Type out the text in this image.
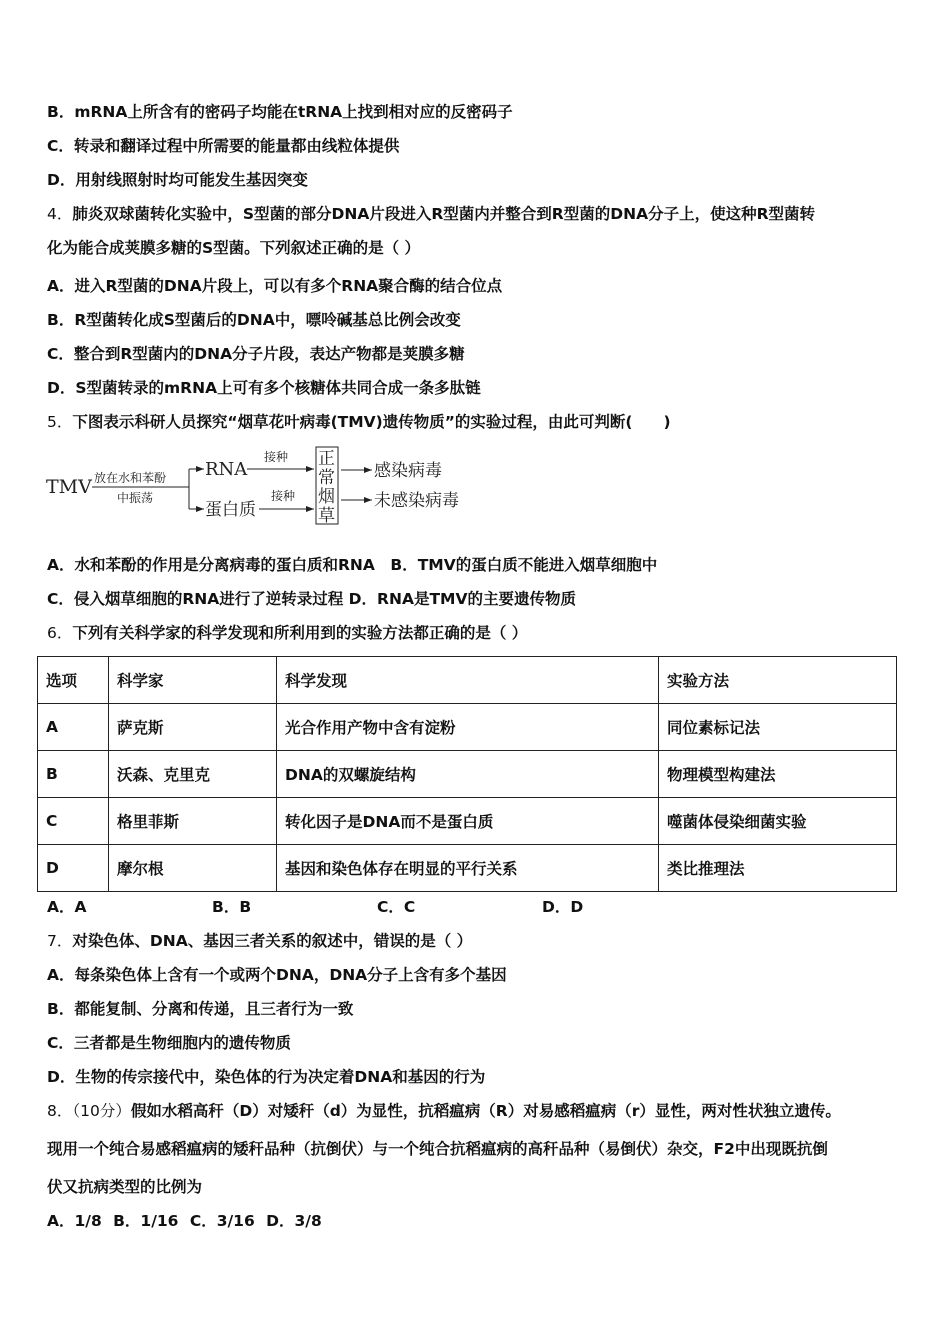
B．mRNA上所含有的密码子均能在tRNA上找到相对应的反密码子
C．转录和翻译过程中所需要的能量都由线粒体提供
D．用射线照射时均可能发生基因突变
4．肺炎双球菌转化实验中，S型菌的部分DNA片段进入R型菌内并整合到R型菌的DNA分子上，使这种R型菌转
化为能合成荚膜多糖的S型菌。下列叙述正确的是（ ）
A．进入R型菌的DNA片段上，可以有多个RNA聚合酶的结合位点
B．R型菌转化成S型菌后的DNA中，嘌呤碱基总比例会改变
C．整合到R型菌内的DNA分子片段，表达产物都是荚膜多糖
D．S型菌转录的mRNA上可有多个核糖体共同合成一条多肽链
5．下图表示科研人员探究“烟草花叶病毒(TMV)遗传物质”的实验过程，由此可判断(　　)
TMV 放在水和苯酚
中振荡
RNA
蛋白质
接种
接种
正
常
烟
草
感染病毒
未感染病毒
A．水和苯酚的作用是分离病毒的蛋白质和RNA　B．TMV的蛋白质不能进入烟草细胞中
C．侵入烟草细胞的RNA进行了逆转录过程 D．RNA是TMV的主要遗传物质
6．下列有关科学家的科学发现和所利用到的实验方法都正确的是（ ）
选项	科学家	科学发现	实验方法
A	萨克斯	光合作用产物中含有淀粉	同位素标记法
B	沃森、克里克	DNA的双螺旋结构	物理模型构建法
C	格里菲斯	转化因子是DNA而不是蛋白质	噬菌体侵染细菌实验
D	摩尔根	基因和染色体存在明显的平行关系	类比推理法
A．A	B．B	C．C	D．D
7．对染色体、DNA、基因三者关系的叙述中，错误的是（ ）
A．每条染色体上含有一个或两个DNA，DNA分子上含有多个基因
B．都能复制、分离和传递，且三者行为一致
C．三者都是生物细胞内的遗传物质
D．生物的传宗接代中，染色体的行为决定着DNA和基因的行为
8．（10分）假如水稻高秆（D）对矮秆（d）为显性，抗稻瘟病（R）对易感稻瘟病（r）显性，两对性状独立遗传。
现用一个纯合易感稻瘟病的矮秆品种（抗倒伏）与一个纯合抗稻瘟病的高秆品种（易倒伏）杂交，F2中出现既抗倒
伏又抗病类型的比例为
A．1/8 B．1/16 C．3/16 D．3/8
